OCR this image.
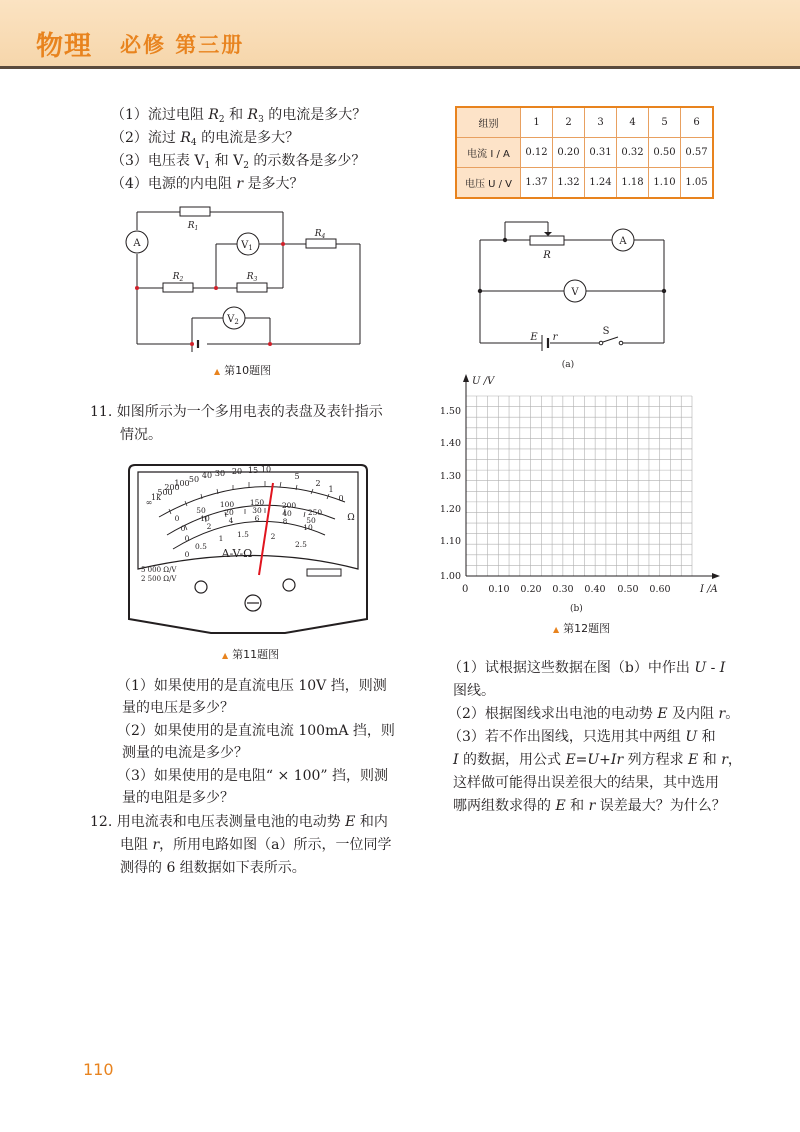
物理 必修 第三册
（1）流过电阻 $R_2$ 和 $R_3$ 的电流是多大？
（2）流过 $R_4$ 的电流是多大？
（3）电压表 $V_1$ 和 $V_2$ 的示数各是多少？
（4）电源的内电阻 r 是多大？
A	$V_1$
$V_2$
$R_1$
$R_4$
$R_2$	$R_3$
▲ 第10题图
11. 如图所示为一个多用电表的表盘及表针指示
情况。
∞
1k
500
200
100 50 40 30 20 15 10
5
2
1
0
Ω
0
50
100 150 200
250
0
10
20 30	40
50
0
2
4	6	8
10
0
0.5
1 1.5	2
2.5
A-V-Ω
5 000 Ω/V
2 500 Ω/V
▲ 第11题图
（1）如果使用的是直流电压 10V 挡，则测
量的电压是多少？
（2）如果使用的是直流电流 100mA 挡，则
测量的电流是多少？
（3）如果使用的是电阻“ × 100” 挡，则测
量的电阻是多少？
12. 用电流表和电压表测量电池的电动势 E 和内
电阻 r，所用电路如图（a）所示，一位同学
测得的 6 组数据如下表所示。
组别	1	2	3	4	5	6
电流 I / A	0.12	0.20	0.31	0.32	0.50	0.57
电压 U / V	1.37	1.32	1.24	1.18	1.10	1.05
R
A
V
E r
S
(a)
U /V
I /A
0
(b)
1.50
1.40
1.30
1.20
1.10
1.00
0.10 0.20 0.30 0.40 0.50 0.60
▲ 第12题图
（1）试根据这些数据在图（b）中作出 U - I
图线。
（2）根据图线求出电池的电动势 E 及内阻 r。
（3）若不作出图线，只选用其中两组 U 和
I 的数据，用公式 E=U+Ir 列方程求 E 和 r，
这样做可能得出误差很大的结果，其中选用
哪两组数求得的 E 和 r 误差最大？为什么？
110
